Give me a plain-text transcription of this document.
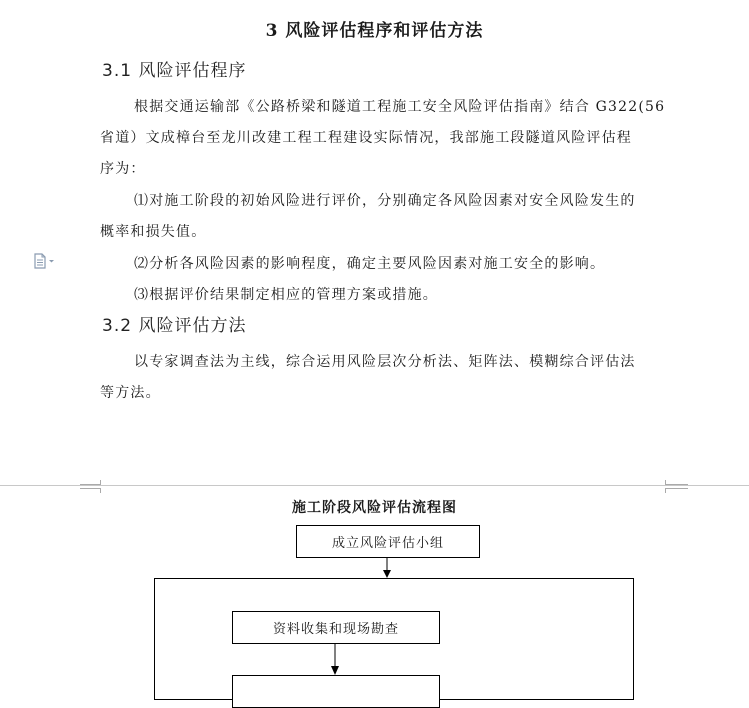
3 风险评估程序和评估方法
3.1 风险评估程序
根据交通运输部《公路桥梁和隧道工程施工安全风险评估指南》结合 G322(56
省道）文成樟台至龙川改建工程工程建设实际情况，我部施工段隧道风险评估程
序为：
⑴对施工阶段的初始风险进行评价，分别确定各风险因素对安全风险发生的
概率和损失值。
⑵分析各风险因素的影响程度，确定主要风险因素对施工安全的影响。
⑶根据评价结果制定相应的管理方案或措施。
3.2 风险评估方法
以专家调查法为主线，综合运用风险层次分析法、矩阵法、模糊综合评估法
等方法。
施工阶段风险评估流程图
成立风险评估小组
资料收集和现场勘查
